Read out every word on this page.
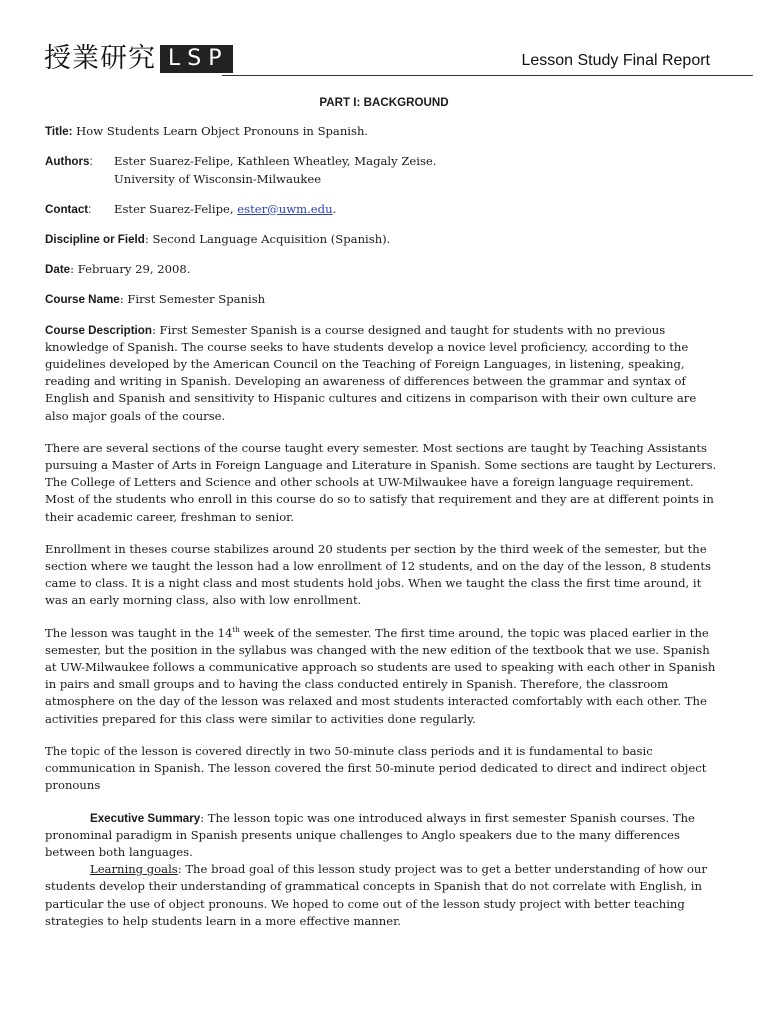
授業研究 LSP	Lesson Study Final Report
PART I: BACKGROUND
Title: How Students Learn Object Pronouns in Spanish.
Authors:	Ester Suarez-Felipe, Kathleen Wheatley, Magaly Zeise.
University of Wisconsin-Milwaukee
Contact:	Ester Suarez-Felipe, ester@uwm.edu.
Discipline or Field: Second Language Acquisition (Spanish).
Date: February 29, 2008.
Course Name: First Semester Spanish

Course Description: First Semester Spanish is a course designed and taught for students with no previous knowledge of Spanish. The course seeks to have students develop a novice level proficiency, according to the guidelines developed by the American Council on the Teaching of Foreign Languages, in listening, speaking, reading and writing in Spanish. Developing an awareness of differences between the grammar and syntax of English and Spanish and sensitivity to Hispanic cultures and citizens in comparison with their own culture are also major goals of the course.

There are several sections of the course taught every semester. Most sections are taught by Teaching Assistants pursuing a Master of Arts in Foreign Language and Literature in Spanish. Some sections are taught by Lecturers. The College of Letters and Science and other schools at UW-Milwaukee have a foreign language requirement. Most of the students who enroll in this course do so to satisfy that requirement and they are at different points in their academic career, freshman to senior.

Enrollment in theses course stabilizes around 20 students per section by the third week of the semester, but the section where we taught the lesson had a low enrollment of 12 students, and on the day of the lesson, 8 students came to class. It is a night class and most students hold jobs. When we taught the class the first time around, it was an early morning class, also with low enrollment.

The lesson was taught in the 14th week of the semester. The first time around, the topic was placed earlier in the semester, but the position in the syllabus was changed with the new edition of the textbook that we use. Spanish at UW-Milwaukee follows a communicative approach so students are used to speaking with each other in Spanish in pairs and small groups and to having the class conducted entirely in Spanish. Therefore, the classroom atmosphere on the day of the lesson was relaxed and most students interacted comfortably with each other. The activities prepared for this class were similar to activities done regularly.

The topic of the lesson is covered directly in two 50-minute class periods and it is fundamental to basic communication in Spanish. The lesson covered the first 50-minute period dedicated to direct and indirect object pronouns

Executive Summary: The lesson topic was one introduced always in first semester Spanish courses. The pronominal paradigm in Spanish presents unique challenges to Anglo speakers due to the many differences between both languages.
Learning goals: The broad goal of this lesson study project was to get a better understanding of how our students develop their understanding of grammatical concepts in Spanish that do not correlate with English, in particular the use of object pronouns. We hoped to come out of the lesson study project with better teaching strategies to help students learn in a more effective manner.
